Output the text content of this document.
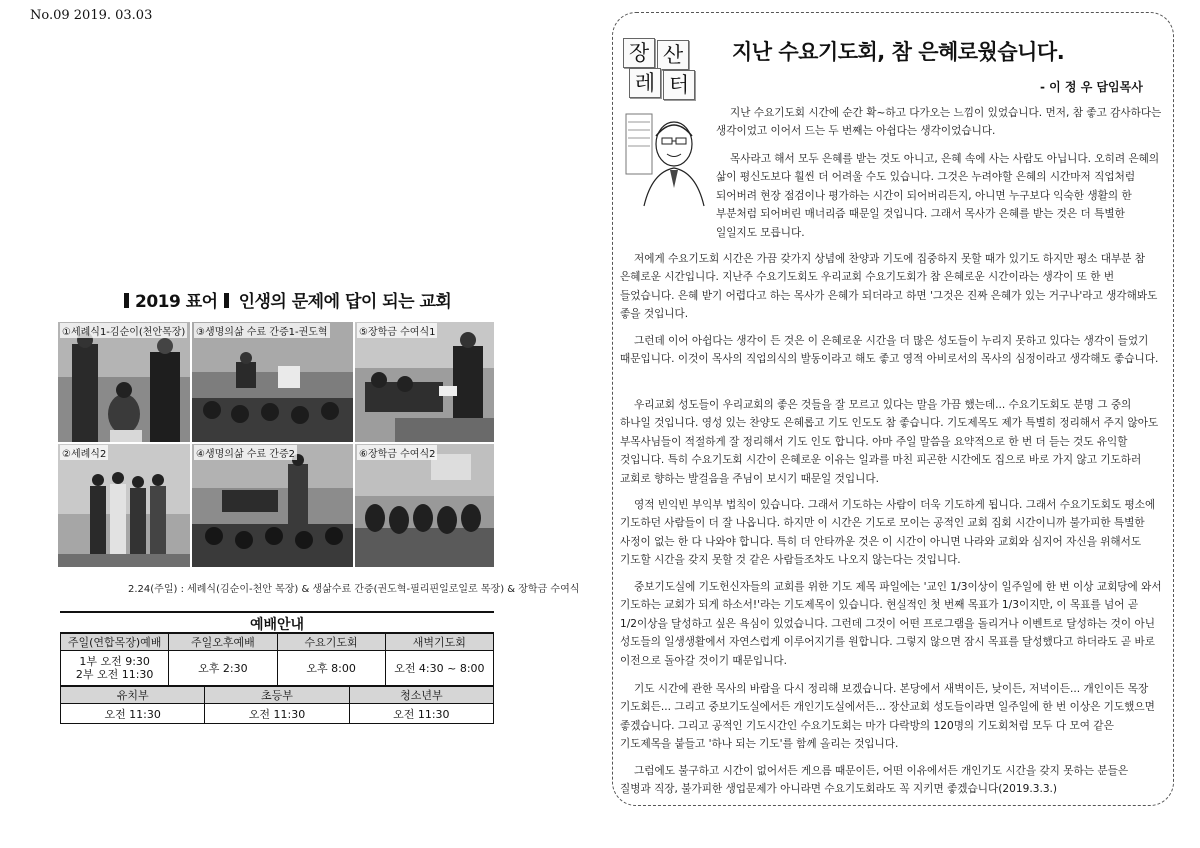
No.09 2019. 03.03
2019 표어 인생의 문제에 답이 되는 교회
①세례식1-김순이(천안목장) ③생명의삶 수료 간증1-권도혁	⑤장학금 수여식1
②세례식2	④생명의삶 수료 간증2	⑥장학금 수여식2
2.24(주일) : 세례식(김순이-천안 목장) & 생삶수료 간증(권도혁-필리핀일로일로 목장) & 장학금 수여식
예배안내
주일(연합목장)예배	주일오후예배	수요기도회	새벽기도회

1부 오전 9:30
2부 오전 11:30	오후 2:30	오후 8:00	오전 4:30 ~ 8:00
유치부	초등부	청소년부
오전 11:30	오전 11:30	오전 11:30
장 산
레 터
지난 수요기도회, 참 은혜로웠습니다.
- 이 정 우 담임목사

지난 수요기도회 시간에 순간 확~하고 다가오는 느낌이 있었습니다. 먼저, 참 좋고 감사하다는 생각이었고 이어서 드는 두 번째는 아쉽다는 생각이었습니다.

목사라고 해서 모두 은혜를 받는 것도 아니고, 은혜 속에 사는 사람도 아닙니다. 오히려 은혜의 삶이 평신도보다 훨씬 더 어려울 수도 있습니다. 그것은 누려야할 은혜의 시간마저 직업처럼 되어버려 현장 점검이나 평가하는 시간이 되어버리든지, 아니면 누구보다 익숙한 생활의 한 부분처럼 되어버린 매너리즘 때문일 것입니다. 그래서 목사가 은혜를 받는 것은 더 특별한 일일지도 모릅니다.

저에게 수요기도회 시간은 가끔 갖가지 상념에 찬양과 기도에 집중하지 못할 때가 있기도 하지만 평소 대부분 참 은혜로운 시간입니다. 지난주 수요기도회도 우리교회 수요기도회가 참 은혜로운 시간이라는 생각이 또 한 번 들었습니다. 은혜 받기 어렵다고 하는 목사가 은혜가 되더라고 하면 '그것은 진짜 은혜가 있는 거구나'라고 생각해봐도 좋을 것입니다.

그런데 이어 아쉽다는 생각이 든 것은 이 은혜로운 시간을 더 많은 성도들이 누리지 못하고 있다는 생각이 들었기 때문입니다. 이것이 목사의 직업의식의 발동이라고 해도 좋고 영적 아비로서의 목사의 심정이라고 생각해도 좋습니다.

우리교회 성도들이 우리교회의 좋은 것들을 잘 모르고 있다는 말을 가끔 했는데... 수요기도회도 분명 그 중의 하나일 것입니다. 영성 있는 찬양도 은혜롭고 기도 인도도 참 좋습니다. 기도제목도 제가 특별히 정리해서 주지 않아도 부목사님들이 적절하게 잘 정리해서 기도 인도 합니다. 아마 주일 말씀을 요약적으로 한 번 더 듣는 것도 유익할 것입니다. 특히 수요기도회 시간이 은혜로운 이유는 일과를 마친 피곤한 시간에도 집으로 바로 가지 않고 기도하러 교회로 향하는 발걸음을 주님이 보시기 때문일 것입니다.

영적 빈익빈 부익부 법칙이 있습니다. 그래서 기도하는 사람이 더욱 기도하게 됩니다. 그래서 수요기도회도 평소에 기도하던 사람들이 더 잘 나옵니다. 하지만 이 시간은 기도로 모이는 공적인 교회 집회 시간이니까 불가피한 특별한 사정이 없는 한 다 나와야 합니다. 특히 더 안타까운 것은 이 시간이 아니면 나라와 교회와 심지어 자신을 위해서도 기도할 시간을 갖지 못할 것 같은 사람들조차도 나오지 않는다는 것입니다.

중보기도실에 기도헌신자들의 교회를 위한 기도 제목 파일에는 '교인 1/3이상이 일주일에 한 번 이상 교회당에 와서 기도하는 교회가 되게 하소서!'라는 기도제목이 있습니다. 현실적인 첫 번째 목표가 1/3이지만, 이 목표를 넘어 곧 1/2이상을 달성하고 싶은 욕심이 있었습니다. 그런데 그것이 어떤 프로그램을 돌리거나 이벤트로 달성하는 것이 아닌 성도들의 일생생활에서 자연스럽게 이루어지기를 원합니다. 그렇지 않으면 잠시 목표를 달성했다고 하더라도 곧 바로 이전으로 돌아갈 것이기 때문입니다.

기도 시간에 관한 목사의 바람을 다시 정리해 보겠습니다. 본당에서 새벽이든, 낮이든, 저녁이든... 개인이든 목장 기도회든... 그리고 중보기도실에서든 개인기도실에서든... 장산교회 성도들이라면 일주일에 한 번 이상은 기도했으면 좋겠습니다. 그리고 공적인 기도시간인 수요기도회는 마가 다락방의 120명의 기도회처럼 모두 다 모여 같은 기도제목을 붙들고 '하나 되는 기도'를 함께 올리는 것입니다.

그럼에도 불구하고 시간이 없어서든 게으름 때문이든, 어떤 이유에서든 개인기도 시간을 갖지 못하는 분들은 질병과 직장, 불가피한 생업문제가 아니라면 수요기도회라도 꼭 지키면 좋겠습니다(2019.3.3.)
